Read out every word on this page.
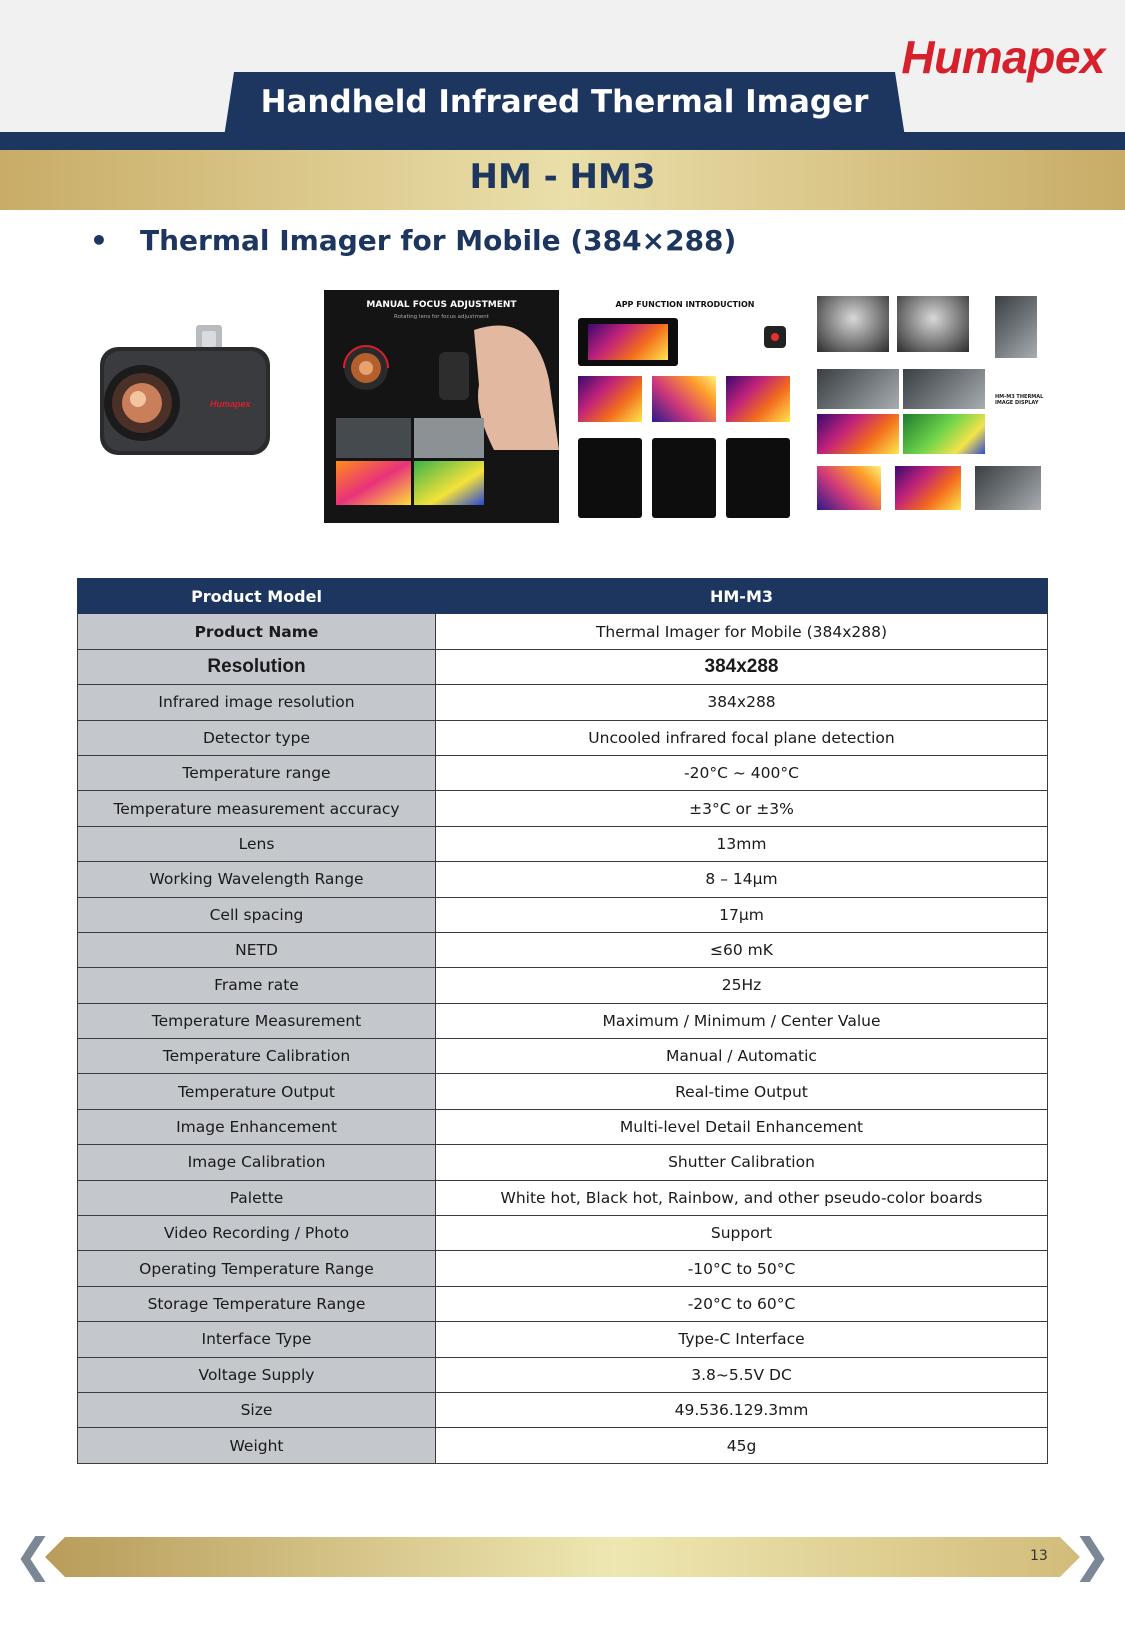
Humapex
Handheld Infrared Thermal Imager
HM - HM3
• Thermal Imager for Mobile (384×288)
Humapex
MANUAL FOCUS ADJUSTMENT
Rotating lens for focus adjustment
APP FUNCTION INTRODUCTION
HM-M3 THERMAL IMAGE DISPLAY
Product Model	HM-M3
Product Name	Thermal Imager for Mobile (384x288)
Resolution	384x288
Infrared image resolution	384x288
Detector type	Uncooled infrared focal plane detection
Temperature range	-20°C ~ 400°C
Temperature measurement accuracy	±3°C or ±3%
Lens	13mm
Working Wavelength Range	8 – 14µm
Cell spacing	17µm
NETD	≤60 mK
Frame rate	25Hz
Temperature Measurement	Maximum / Minimum / Center Value
Temperature Calibration	Manual / Automatic
Temperature Output	Real-time Output
Image Enhancement	Multi-level Detail Enhancement
Image Calibration	Shutter Calibration
Palette	White hot, Black hot, Rainbow, and other pseudo-color boards
Video Recording / Photo	Support
Operating Temperature Range	-10°C to 50°C
Storage Temperature Range	-20°C to 60°C
Interface Type	Type-C Interface
Voltage Supply	3.8~5.5V DC
Size	49.536.129.3mm
Weight	45g
❮	❯
13
